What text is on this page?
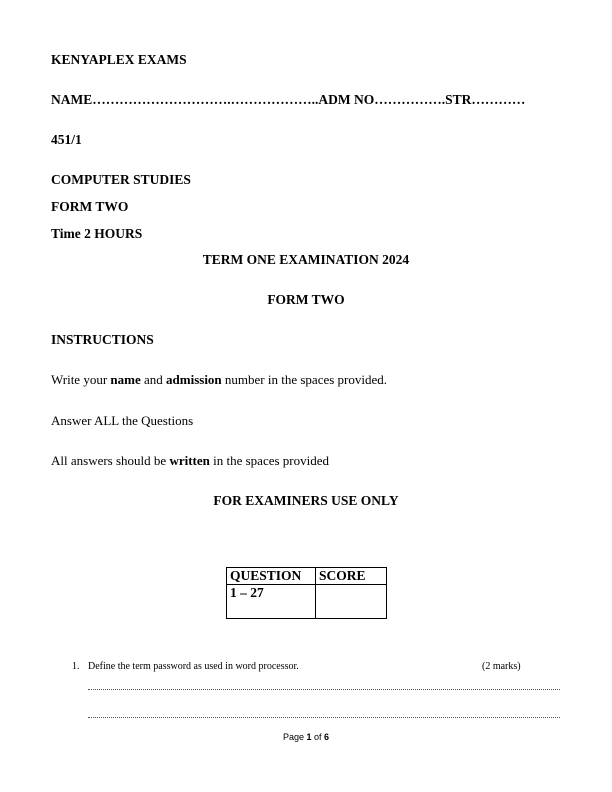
KENYAPLEX EXAMS
NAME………………………….………………..ADM NO…………….STR…………
451/1
COMPUTER STUDIES
FORM TWO
Time 2 HOURS
TERM ONE EXAMINATION 2024
FORM TWO
INSTRUCTIONS
Write your name and admission number in the spaces provided.
Answer ALL the Questions
All answers should be written in the spaces provided
FOR EXAMINERS USE ONLY
QUESTION	SCORE
1 – 27	
1. Define the term password as used in word processor.	(2 marks)
Page 1 of 6
